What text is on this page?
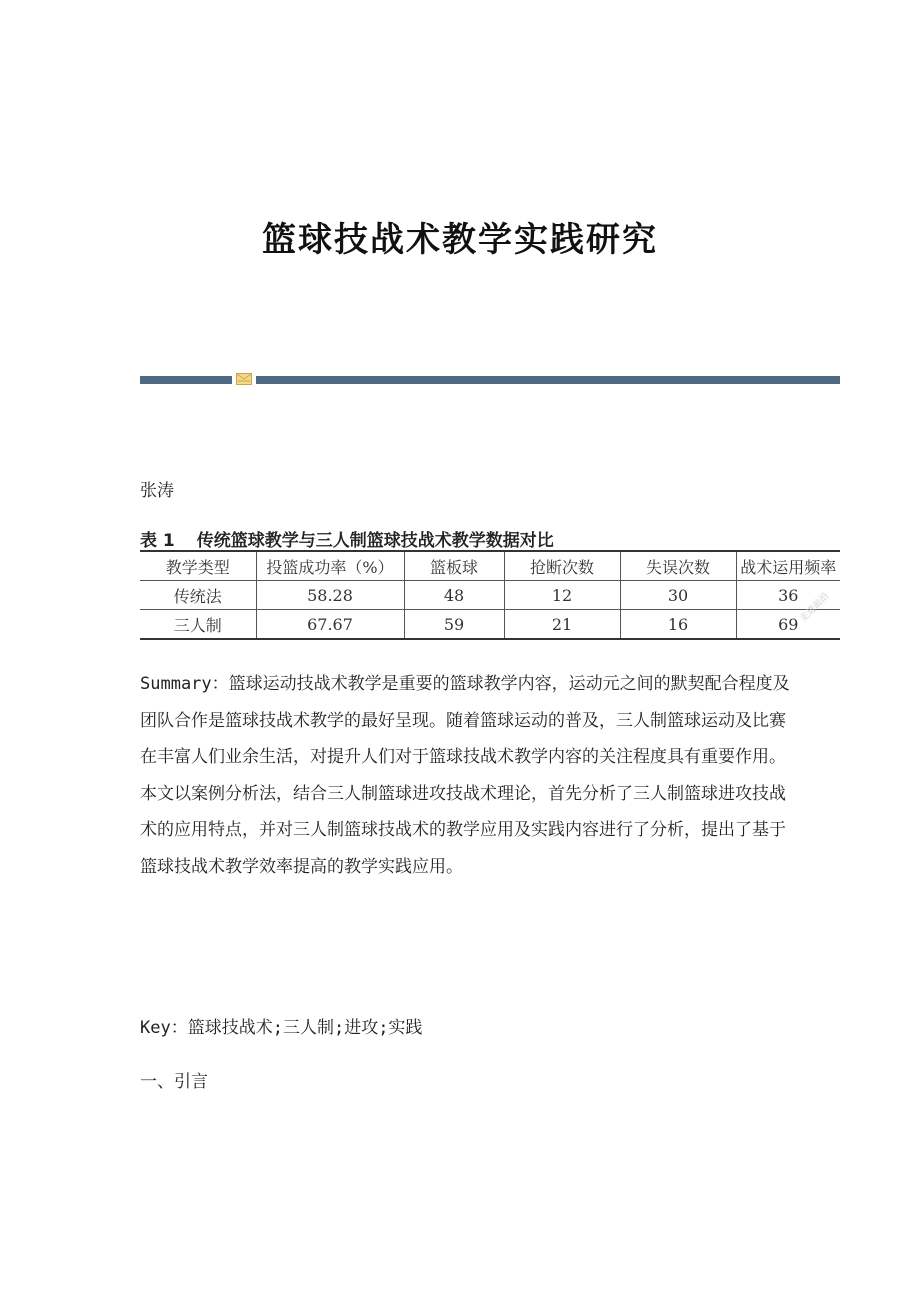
篮球技战术教学实践研究
张涛
表 1 传统篮球教学与三人制篮球技战术教学数据对比
教学类型	投篮成功率（%）	篮板球	抢断次数	失误次数	战术运用频率
传统法	58.28	48	12	30	36
三人制	67.67	59	21	16	69
走进前沿
Summary：篮球运动技战术教学是重要的篮球教学内容，运动元之间的默契配合程度及团队合作是篮球技战术教学的最好呈现。随着篮球运动的普及，三人制篮球运动及比赛在丰富人们业余生活，对提升人们对于篮球技战术教学内容的关注程度具有重要作用。本文以案例分析法，结合三人制篮球进攻技战术理论，首先分析了三人制篮球进攻技战术的应用特点，并对三人制篮球技战术的教学应用及实践内容进行了分析，提出了基于篮球技战术教学效率提高的教学实践应用。
Key：篮球技战术;三人制;进攻;实践
一、引言
